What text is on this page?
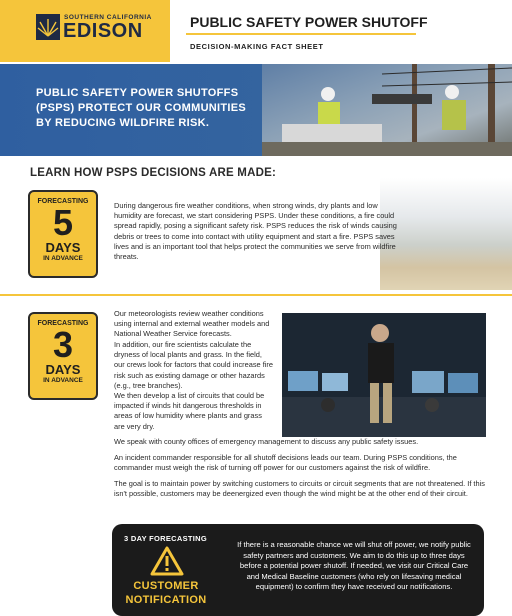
SOUTHERN CALIFORNIA
EDISON	PUBLIC SAFETY POWER SHUTOFF
DECISION-MAKING FACT SHEET
PUBLIC SAFETY POWER SHUTOFFS
(PSPS) PROTECT OUR COMMUNITIES
BY REDUCING WILDFIRE RISK.
LEARN HOW PSPS DECISIONS ARE MADE:
FORECASTING
5
DAYS
IN ADVANCE
During dangerous fire weather conditions, when strong winds, dry plants and low humidity are forecast, we start considering PSPS. Under these conditions, a fire could spread rapidly, posing a significant safety risk. PSPS reduces the risk of winds causing debris or trees to come into contact with utility equipment and start a fire. PSPS saves lives and is an important tool that helps protect the communities we serve from wildfire threats.
FORECASTING
3
DAYS
IN ADVANCE
Our meteorologists review weather conditions using internal and external weather models and National Weather Service forecasts.
In addition, our fire scientists calculate the dryness of local plants and grass. In the field, our crews look for factors that could increase fire risk such as existing damage or other hazards (e.g., tree branches).
We then develop a list of circuits that could be impacted if winds hit dangerous thresholds in areas of low humidity where plants and grass are very dry.
We speak with county offices of emergency management to discuss any public safety issues.
An incident commander responsible for all shutoff decisions leads our team. During PSPS conditions, the commander must weigh the risk of turning off power for our customers against the risk of wildfire.
The goal is to maintain power by switching customers to circuits or circuit segments that are not threatened. If this isn't possible, customers may be deenergized even though the wind might be at the other end of their circuit.
3 DAY FORECASTING
CUSTOMER
NOTIFICATION
If there is a reasonable chance we will shut off power, we notify public safety partners and customers. We aim to do this up to three days before a potential power shutoff. If needed, we visit our Critical Care and Medical Baseline customers (who rely on lifesaving medical equipment) to confirm they have received our notifications.
